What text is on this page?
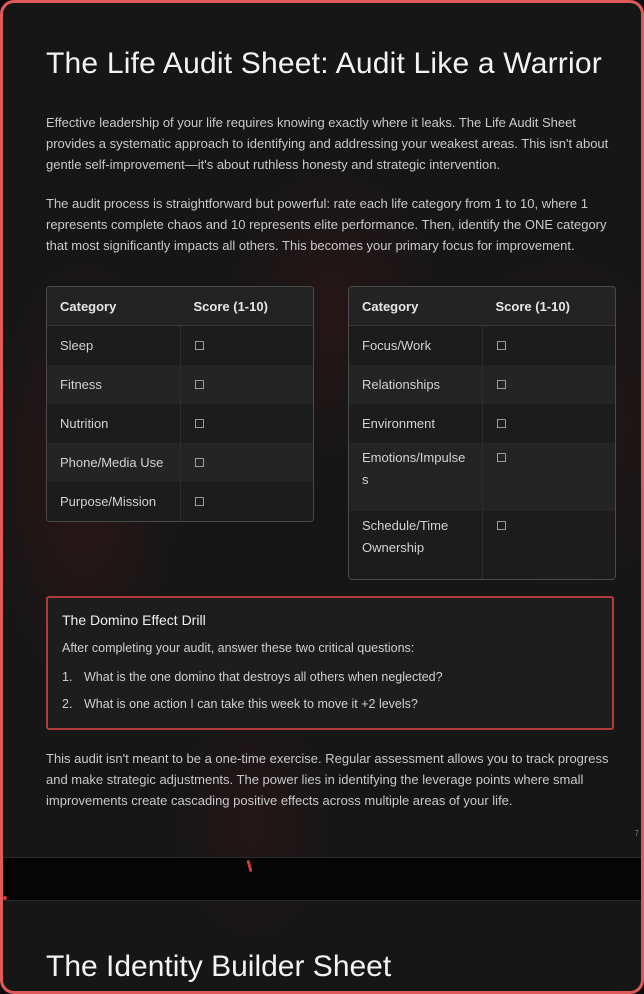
The Life Audit Sheet: Audit Like a Warrior

Effective leadership of your life requires knowing exactly where it leaks. The Life Audit Sheet provides a systematic approach to identifying and addressing your weakest areas. This isn't about gentle self-improvement—it's about ruthless honesty and strategic intervention.

The audit process is straightforward but powerful: rate each life category from 1 to 10, where 1 represents complete chaos and 10 represents elite performance. Then, identify the ONE category that most significantly impacts all others. This becomes your primary focus for improvement.

Category	Score (1-10)
Sleep	☐
Fitness	☐
Nutrition	☐
Phone/Media Use	☐
Purpose/Mission	☐
Category	Score (1-10)
Focus/Work	☐
Relationships	☐
Environment	☐
Emotions/Impulses	☐
Schedule/Time Ownership	☐
The Domino Effect Drill
After completing your audit, answer these two critical questions:
1. What is the one domino that destroys all others when neglected?
2. What is one action I can take this week to move it +2 levels?

This audit isn't meant to be a one-time exercise. Regular assessment allows you to track progress and make strategic adjustments. The power lies in identifying the leverage points where small improvements create cascading positive effects across multiple areas of your life.

7
The Identity Builder Sheet
